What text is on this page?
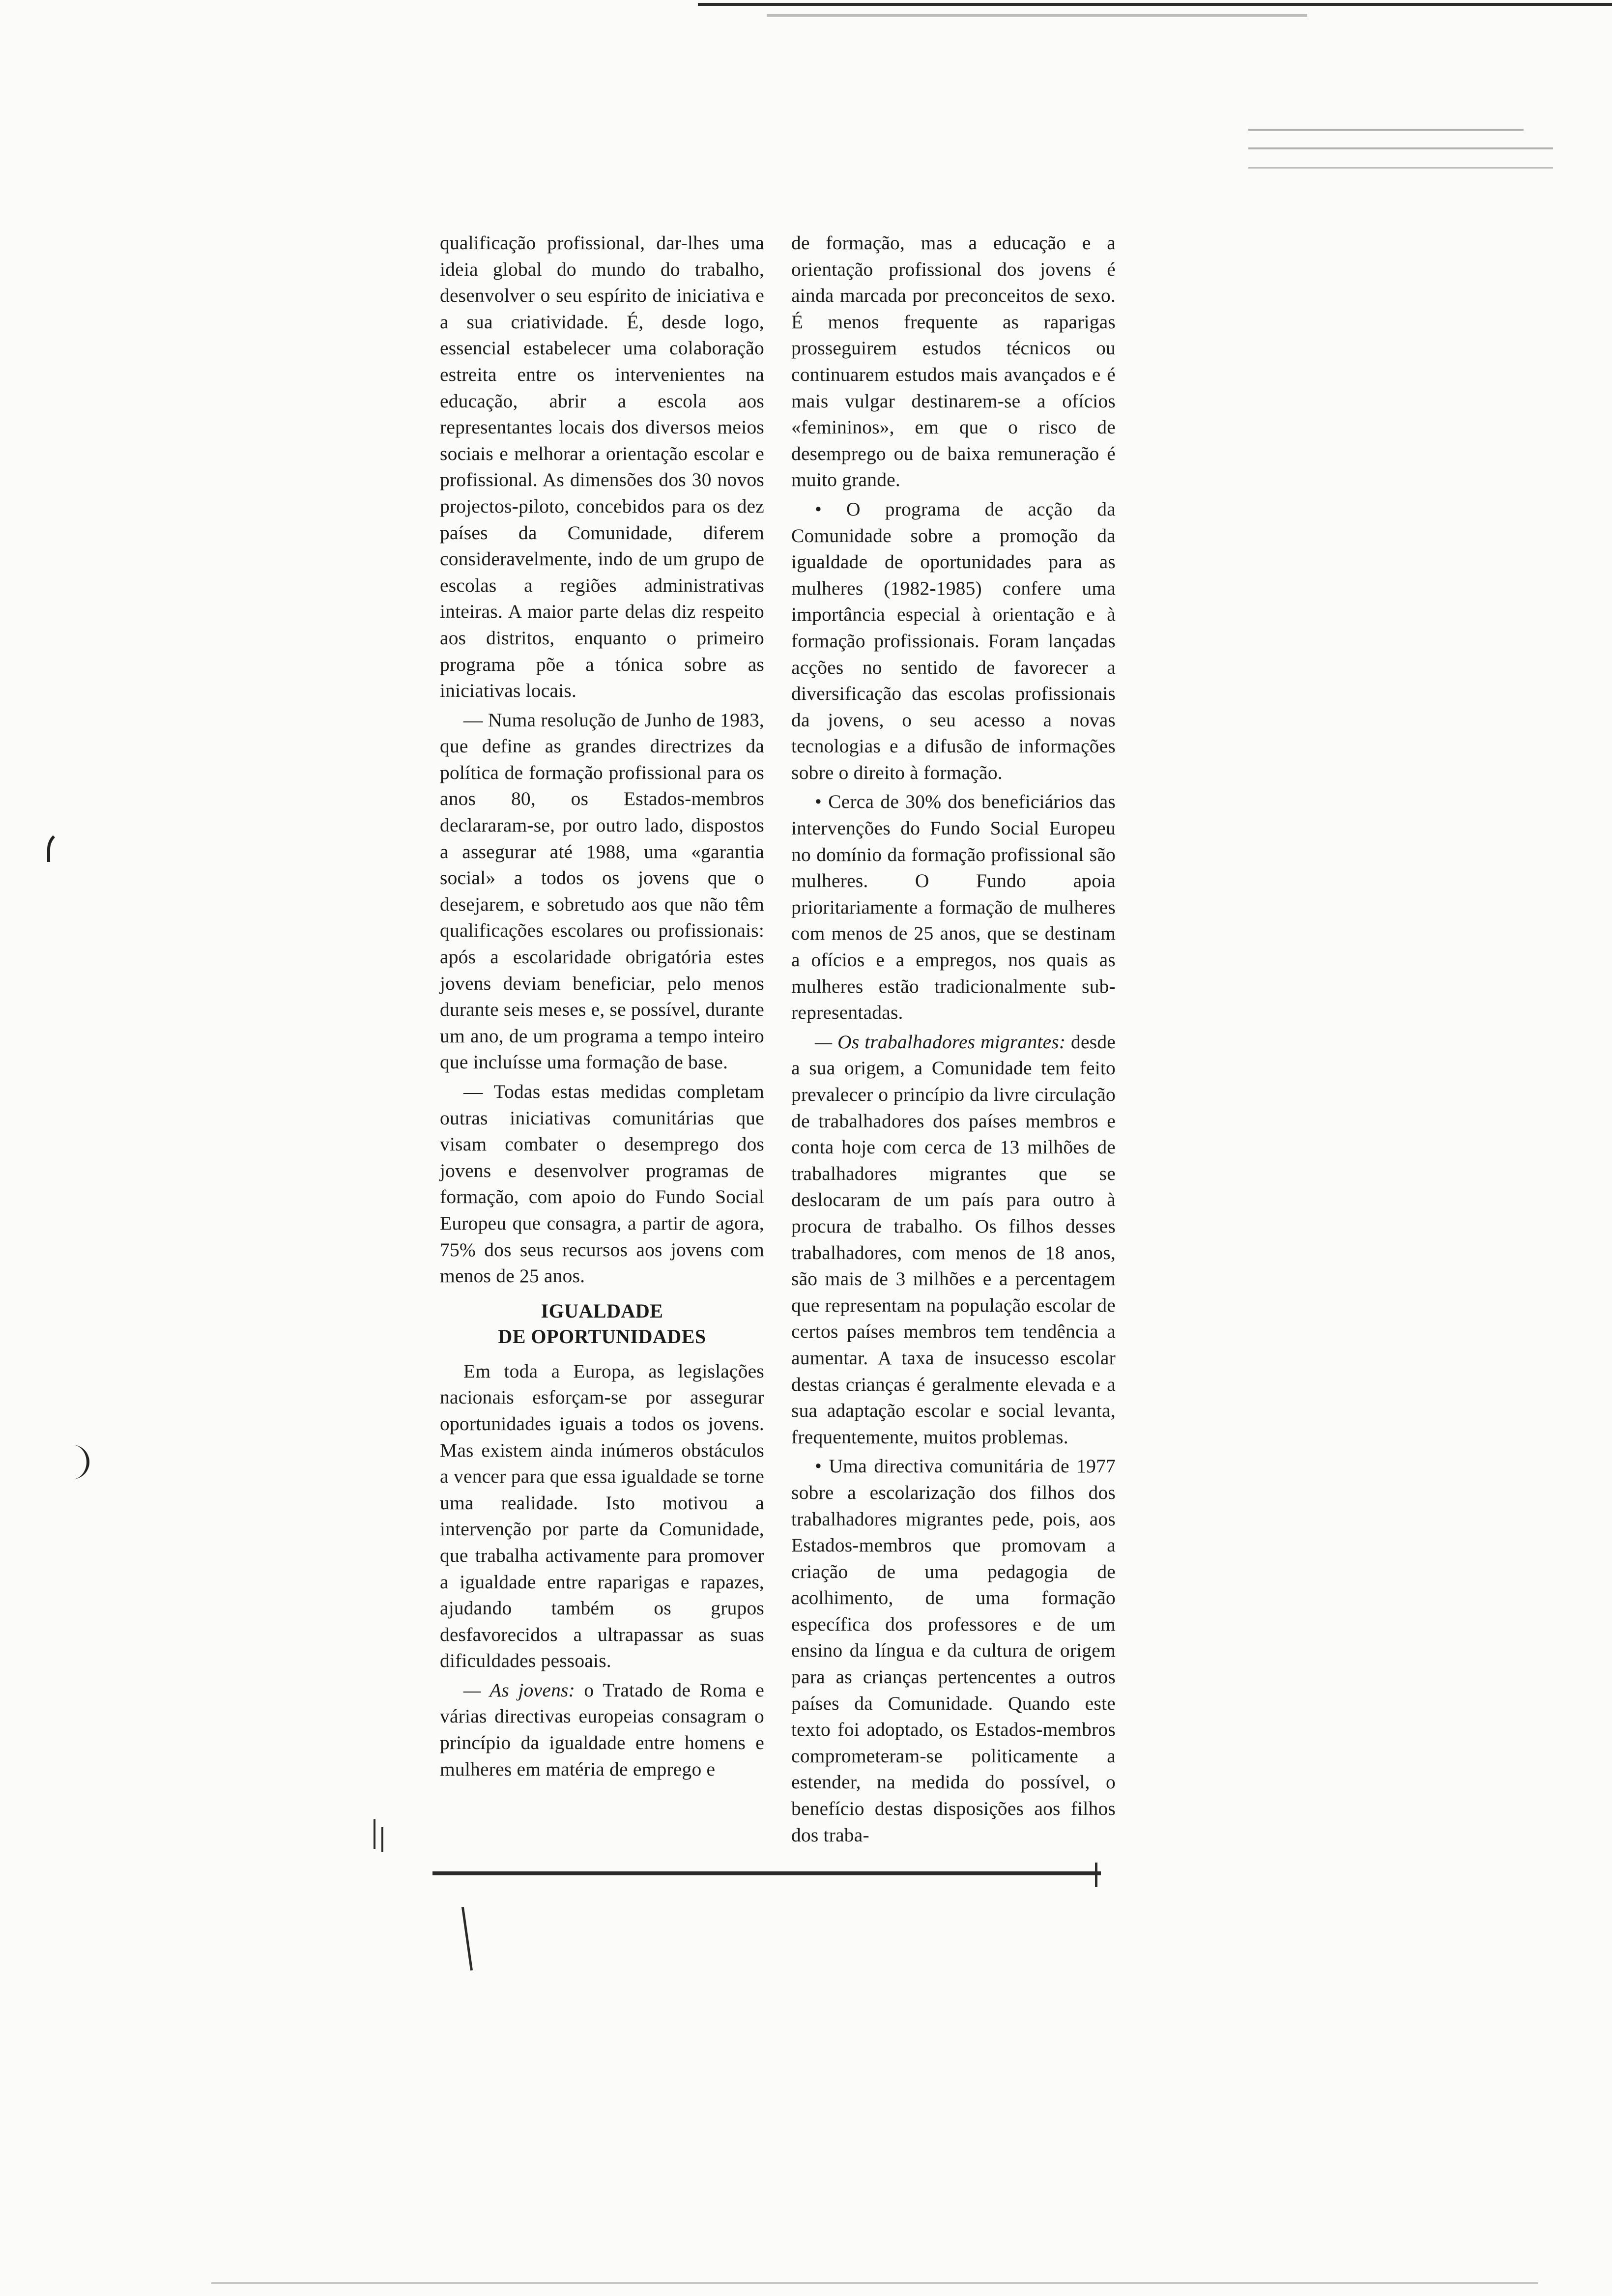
qualificação profissional, dar-lhes uma ideia global do mundo do trabalho, desenvolver o seu espírito de iniciativa e a sua criatividade. É, desde logo, essencial estabelecer uma colaboração estreita entre os intervenientes na educação, abrir a escola aos representantes locais dos diversos meios sociais e melhorar a orientação escolar e profissional. As dimensões dos 30 novos projectos-piloto, concebidos para os dez países da Comunidade, diferem consideravelmente, indo de um grupo de escolas a regiões administrativas inteiras. A maior parte delas diz respeito aos distritos, enquanto o primeiro programa põe a tónica sobre as iniciativas locais.

— Numa resolução de Junho de 1983, que define as grandes directrizes da política de formação profissional para os anos 80, os Estados-membros declararam-se, por outro lado, dispostos a assegurar até 1988, uma «garantia social» a todos os jovens que o desejarem, e sobretudo aos que não têm qualificações escolares ou profissionais: após a escolaridade obrigatória estes jovens deviam beneficiar, pelo menos durante seis meses e, se possível, durante um ano, de um programa a tempo inteiro que incluísse uma formação de base.

— Todas estas medidas completam outras iniciativas comunitárias que visam combater o desemprego dos jovens e desenvolver programas de formação, com apoio do Fundo Social Europeu que consagra, a partir de agora, 75% dos seus recursos aos jovens com menos de 25 anos.

IGUALDADE
DE OPORTUNIDADES

Em toda a Europa, as legislações nacionais esforçam-se por assegurar oportunidades iguais a todos os jovens. Mas existem ainda inúmeros obstáculos a vencer para que essa igualdade se torne uma realidade. Isto motivou a intervenção por parte da Comunidade, que trabalha activamente para promover a igualdade entre raparigas e rapazes, ajudando também os grupos desfavorecidos a ultrapassar as suas dificuldades pessoais.

— As jovens: o Tratado de Roma e várias directivas europeias consagram o princípio da igualdade entre homens e mulheres em matéria de emprego e

de formação, mas a educação e a orientação profissional dos jovens é ainda marcada por preconceitos de sexo. É menos frequente as raparigas prosseguirem estudos técnicos ou continuarem estudos mais avançados e é mais vulgar destinarem-se a ofícios «femininos», em que o risco de desemprego ou de baixa remuneração é muito grande.

• O programa de acção da Comunidade sobre a promoção da igualdade de oportunidades para as mulheres (1982-1985) confere uma importância especial à orientação e à formação profissionais. Foram lançadas acções no sentido de favorecer a diversificação das escolas profissionais da jovens, o seu acesso a novas tecnologias e a difusão de informações sobre o direito à formação.

• Cerca de 30% dos beneficiários das intervenções do Fundo Social Europeu no domínio da formação profissional são mulheres. O Fundo apoia prioritariamente a formação de mulheres com menos de 25 anos, que se destinam a ofícios e a empregos, nos quais as mulheres estão tradicionalmente sub-representadas.

— Os trabalhadores migrantes: desde a sua origem, a Comunidade tem feito prevalecer o princípio da livre circulação de trabalhadores dos países membros e conta hoje com cerca de 13 milhões de trabalhadores migrantes que se deslocaram de um país para outro à procura de trabalho. Os filhos desses trabalhadores, com menos de 18 anos, são mais de 3 milhões e a percentagem que representam na população escolar de certos países membros tem tendência a aumentar. A taxa de insucesso escolar destas crianças é geralmente elevada e a sua adaptação escolar e social levanta, frequentemente, muitos problemas.

• Uma directiva comunitária de 1977 sobre a escolarização dos filhos dos trabalhadores migrantes pede, pois, aos Estados-membros que promovam a criação de uma pedagogia de acolhimento, de uma formação específica dos professores e de um ensino da língua e da cultura de origem para as crianças pertencentes a outros países da Comunidade. Quando este texto foi adoptado, os Estados-membros comprometeram-se politicamente a estender, na medida do possível, o benefício destas disposições aos filhos dos traba-
